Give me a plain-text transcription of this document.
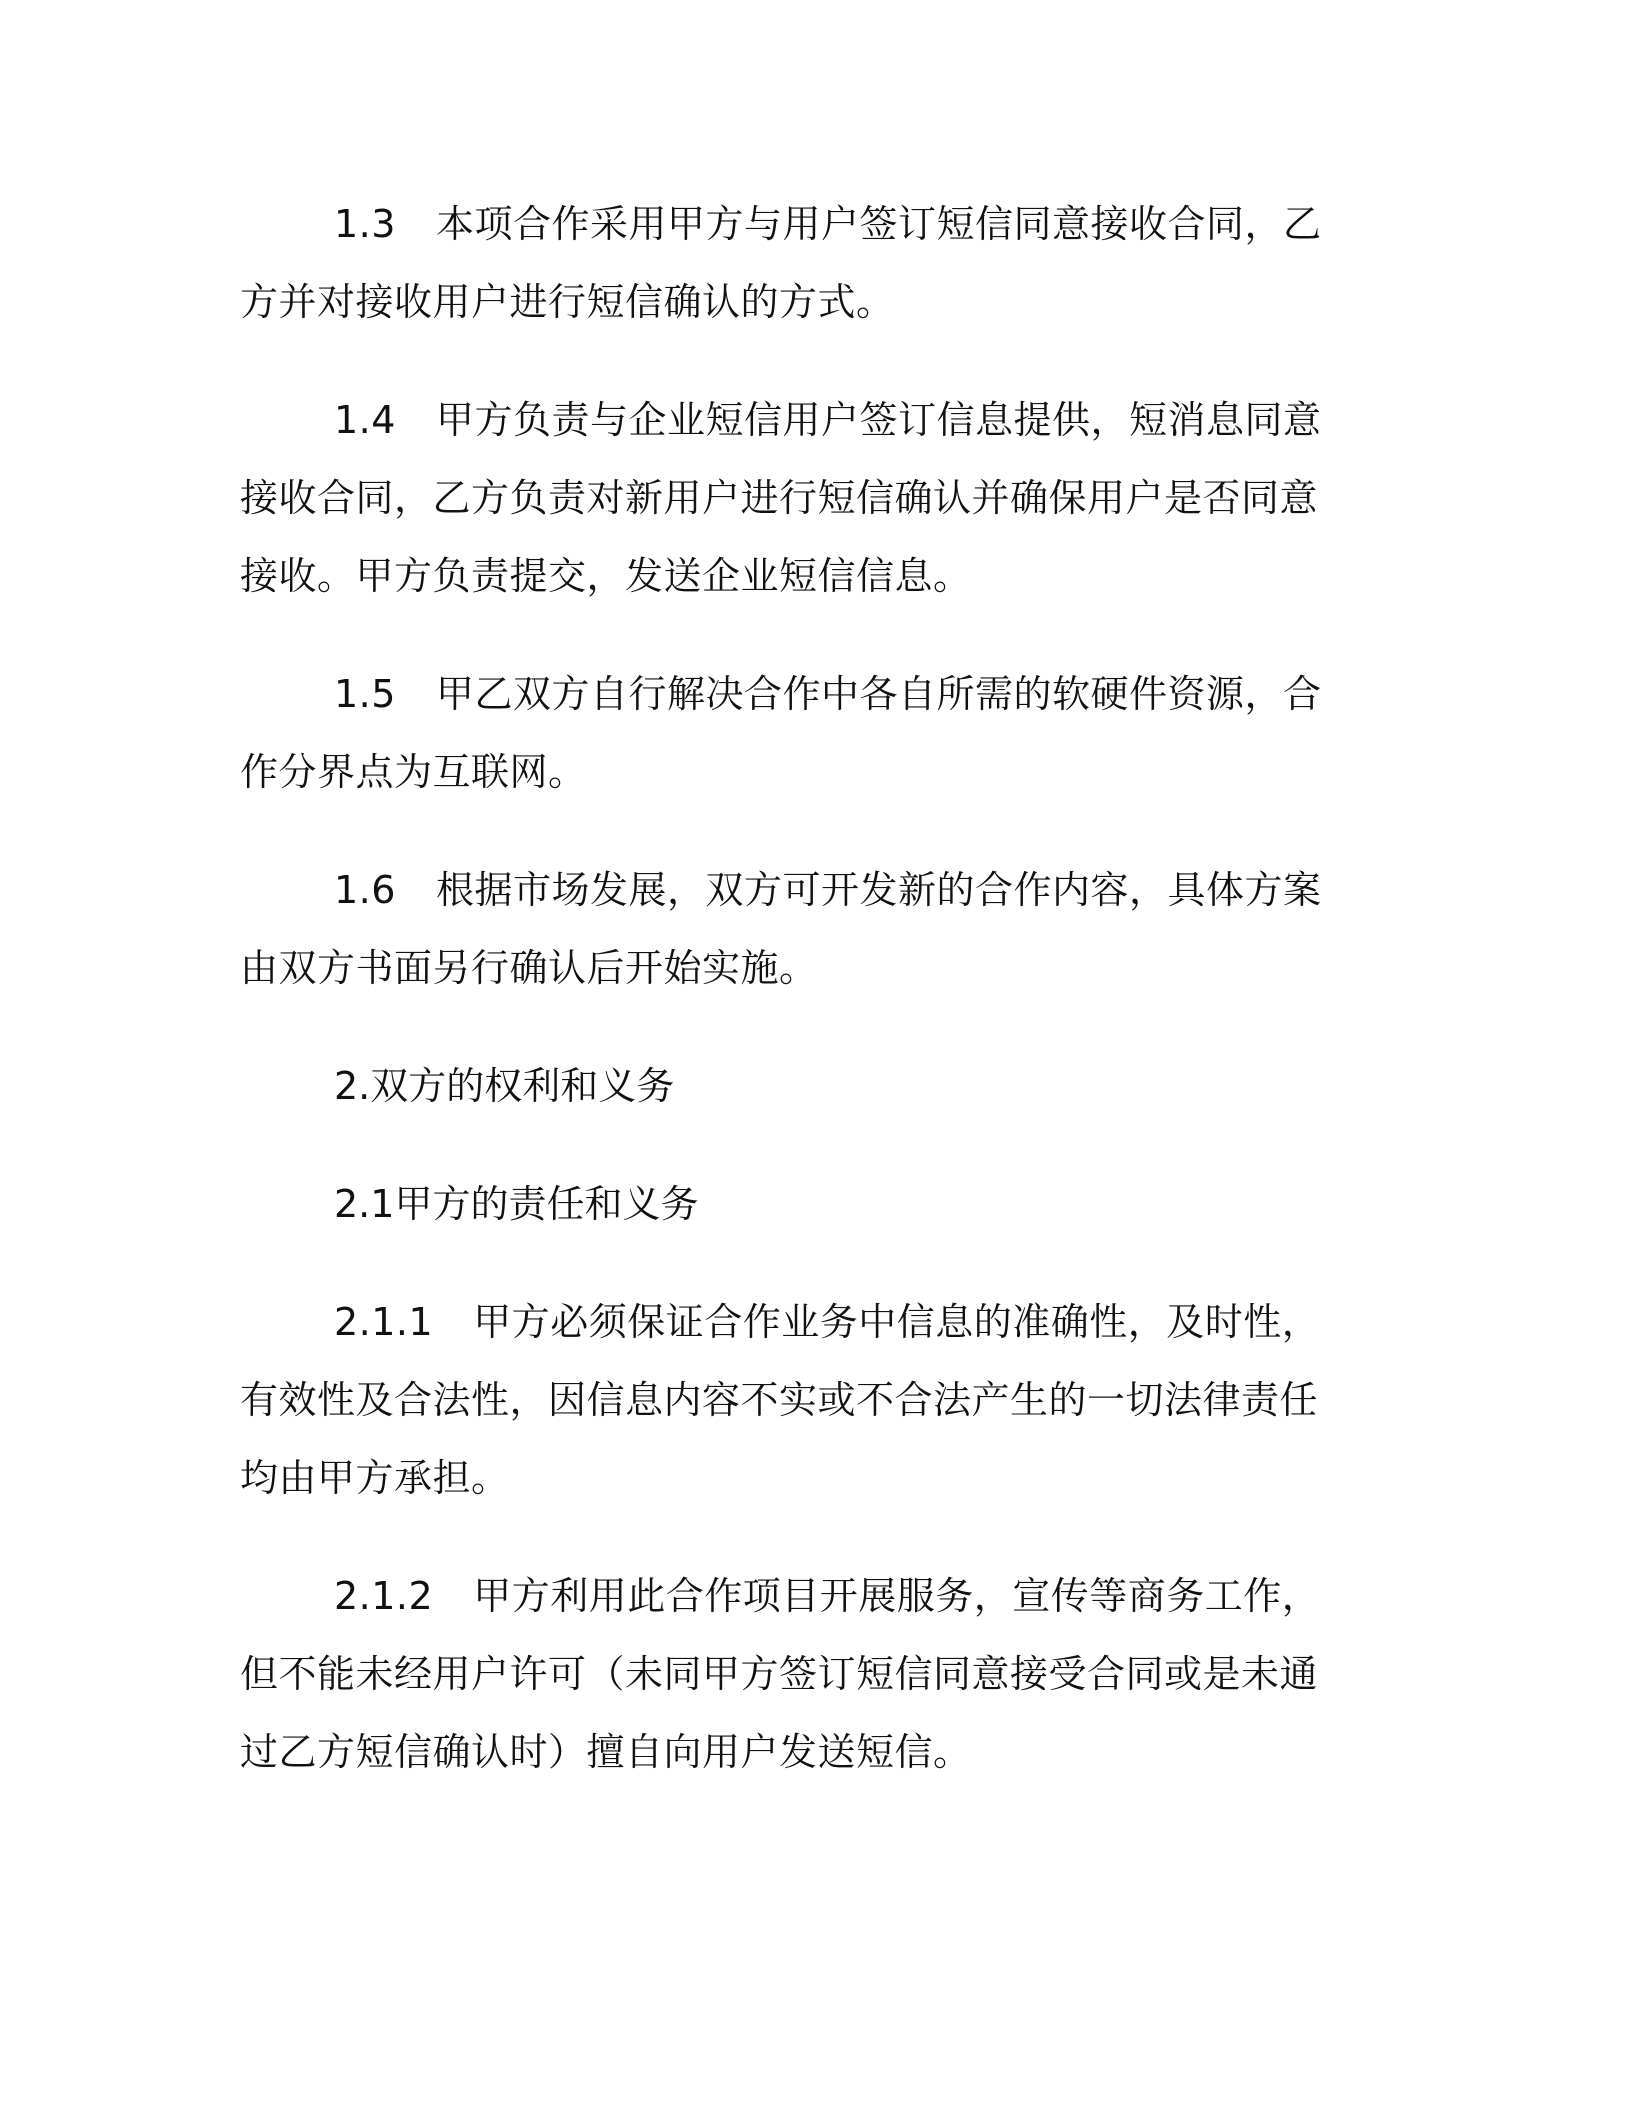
1.3 本项合作采用甲方与用户签订短信同意接收合同，乙方并对接收用户进行短信确认的方式。

1.4 甲方负责与企业短信用户签订信息提供，短消息同意接收合同，乙方负责对新用户进行短信确认并确保用户是否同意接收。甲方负责提交，发送企业短信信息。

1.5 甲乙双方自行解决合作中各自所需的软硬件资源，合作分界点为互联网。

1.6 根据市场发展，双方可开发新的合作内容，具体方案由双方书面另行确认后开始实施。

2.双方的权利和义务

2.1甲方的责任和义务

2.1.1 甲方必须保证合作业务中信息的准确性，及时性，有效性及合法性，因信息内容不实或不合法产生的一切法律责任均由甲方承担。

2.1.2 甲方利用此合作项目开展服务，宣传等商务工作，但不能未经用户许可（未同甲方签订短信同意接受合同或是未通过乙方短信确认时）擅自向用户发送短信。
